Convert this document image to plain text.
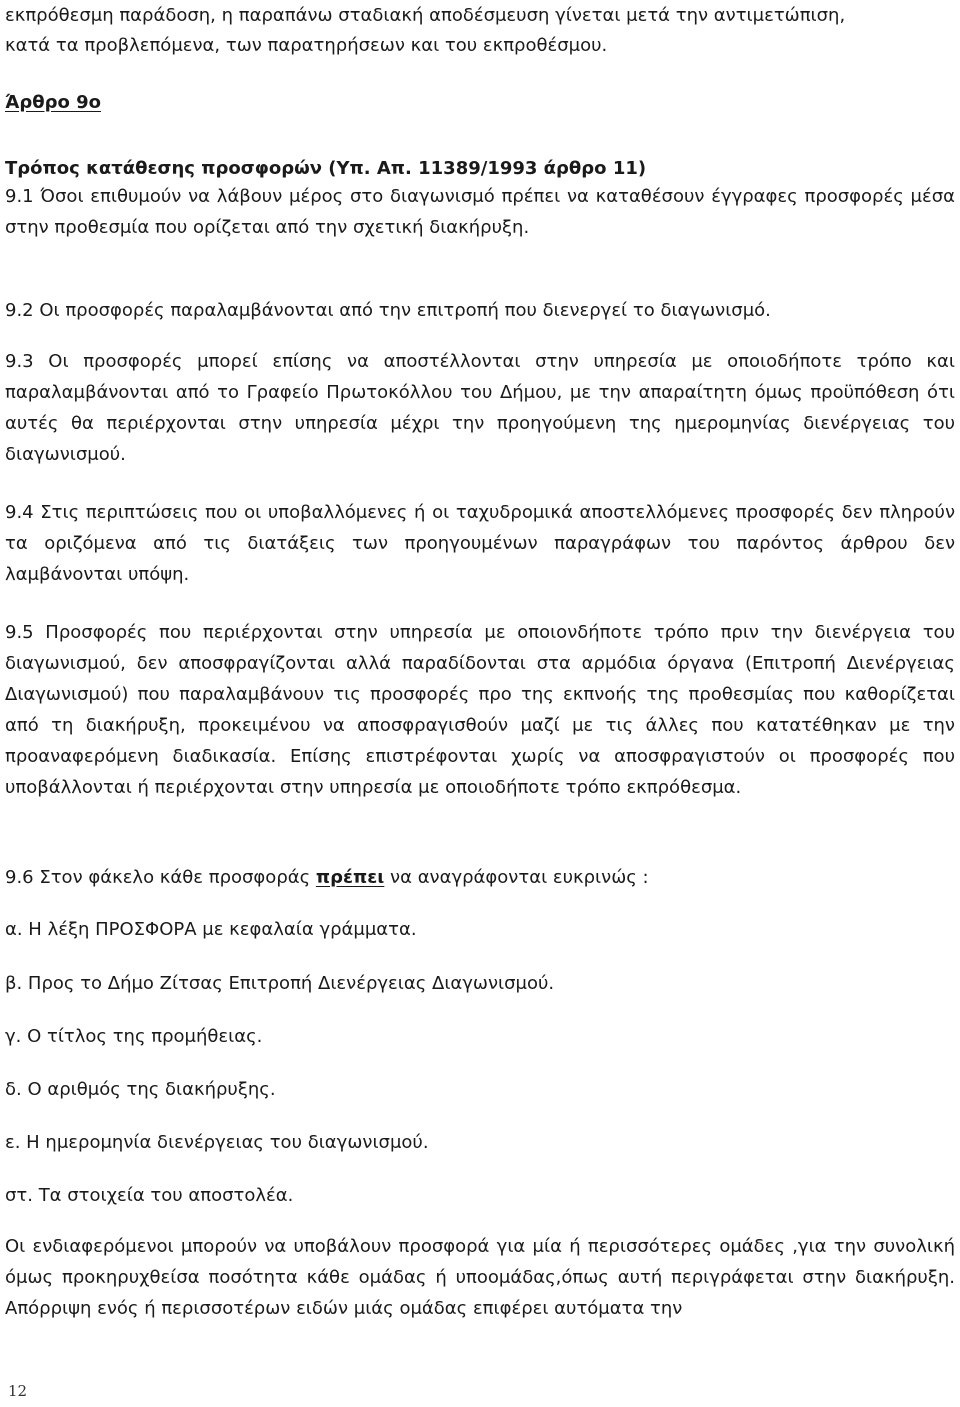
εκπρόθεσμη παράδοση, η παραπάνω σταδιακή αποδέσμευση γίνεται μετά την αντιμετώπιση,

κατά τα προβλεπόμενα, των παρατηρήσεων και του εκπροθέσμου.

Άρθρο 9ο

Τρόπος κατάθεσης προσφορών (Υπ. Απ. 11389/1993 άρθρο 11)

9.1 Όσοι επιθυμούν να λάβουν μέρος στο διαγωνισμό πρέπει να καταθέσουν έγγραφες προσφορές μέσα στην προθεσμία που ορίζεται από την σχετική διακήρυξη.

9.2 Οι προσφορές παραλαμβάνονται από την επιτροπή που διενεργεί το διαγωνισμό.

9.3 Οι προσφορές μπορεί επίσης να αποστέλλονται στην υπηρεσία με οποιοδήποτε τρόπο και παραλαμβάνονται από το Γραφείο Πρωτοκόλλου του Δήμου, με την απαραίτητη όμως προϋπόθεση ότι αυτές θα περιέρχονται στην υπηρεσία μέχρι την προηγούμενη της ημερομηνίας διενέργειας του διαγωνισμού.

9.4 Στις περιπτώσεις που οι υποβαλλόμενες ή οι ταχυδρομικά αποστελλόμενες προσφορές δεν πληρούν τα οριζόμενα από τις διατάξεις των προηγουμένων παραγράφων του παρόντος άρθρου δεν λαμβάνονται υπόψη.

9.5 Προσφορές που περιέρχονται στην υπηρεσία με οποιονδήποτε τρόπο πριν την διενέργεια του διαγωνισμού, δεν αποσφραγίζονται αλλά παραδίδονται στα αρμόδια όργανα (Επιτροπή Διενέργειας Διαγωνισμού) που παραλαμβάνουν τις προσφορές προ της εκπνοής της προθεσμίας που καθορίζεται από τη διακήρυξη, προκειμένου να αποσφραγισθούν μαζί με τις άλλες που κατατέθηκαν με την προαναφερόμενη διαδικασία. Επίσης επιστρέφονται χωρίς να αποσφραγιστούν οι προσφορές που υποβάλλονται ή περιέρχονται στην υπηρεσία με οποιοδήποτε τρόπο εκπρόθεσμα.

9.6 Στον φάκελο κάθε προσφοράς πρέπει να αναγράφονται ευκρινώς :

α. Η λέξη ΠΡΟΣΦΟΡΑ με κεφαλαία γράμματα.

β. Προς το Δήμο Ζίτσας Επιτροπή Διενέργειας Διαγωνισμού.

γ. Ο τίτλος της προμήθειας.

δ. Ο αριθμός της διακήρυξης.

ε. Η ημερομηνία διενέργειας του διαγωνισμού.

στ. Τα στοιχεία του αποστολέα.

Οι ενδιαφερόμενοι μπορούν να υποβάλουν προσφορά για μία ή περισσότερες ομάδες ,για την συνολική όμως προκηρυχθείσα ποσότητα κάθε ομάδας ή υποομάδας,όπως αυτή περιγράφεται στην διακήρυξη. Απόρριψη ενός ή περισσοτέρων ειδών μιάς ομάδας επιφέρει αυτόματα την

12
